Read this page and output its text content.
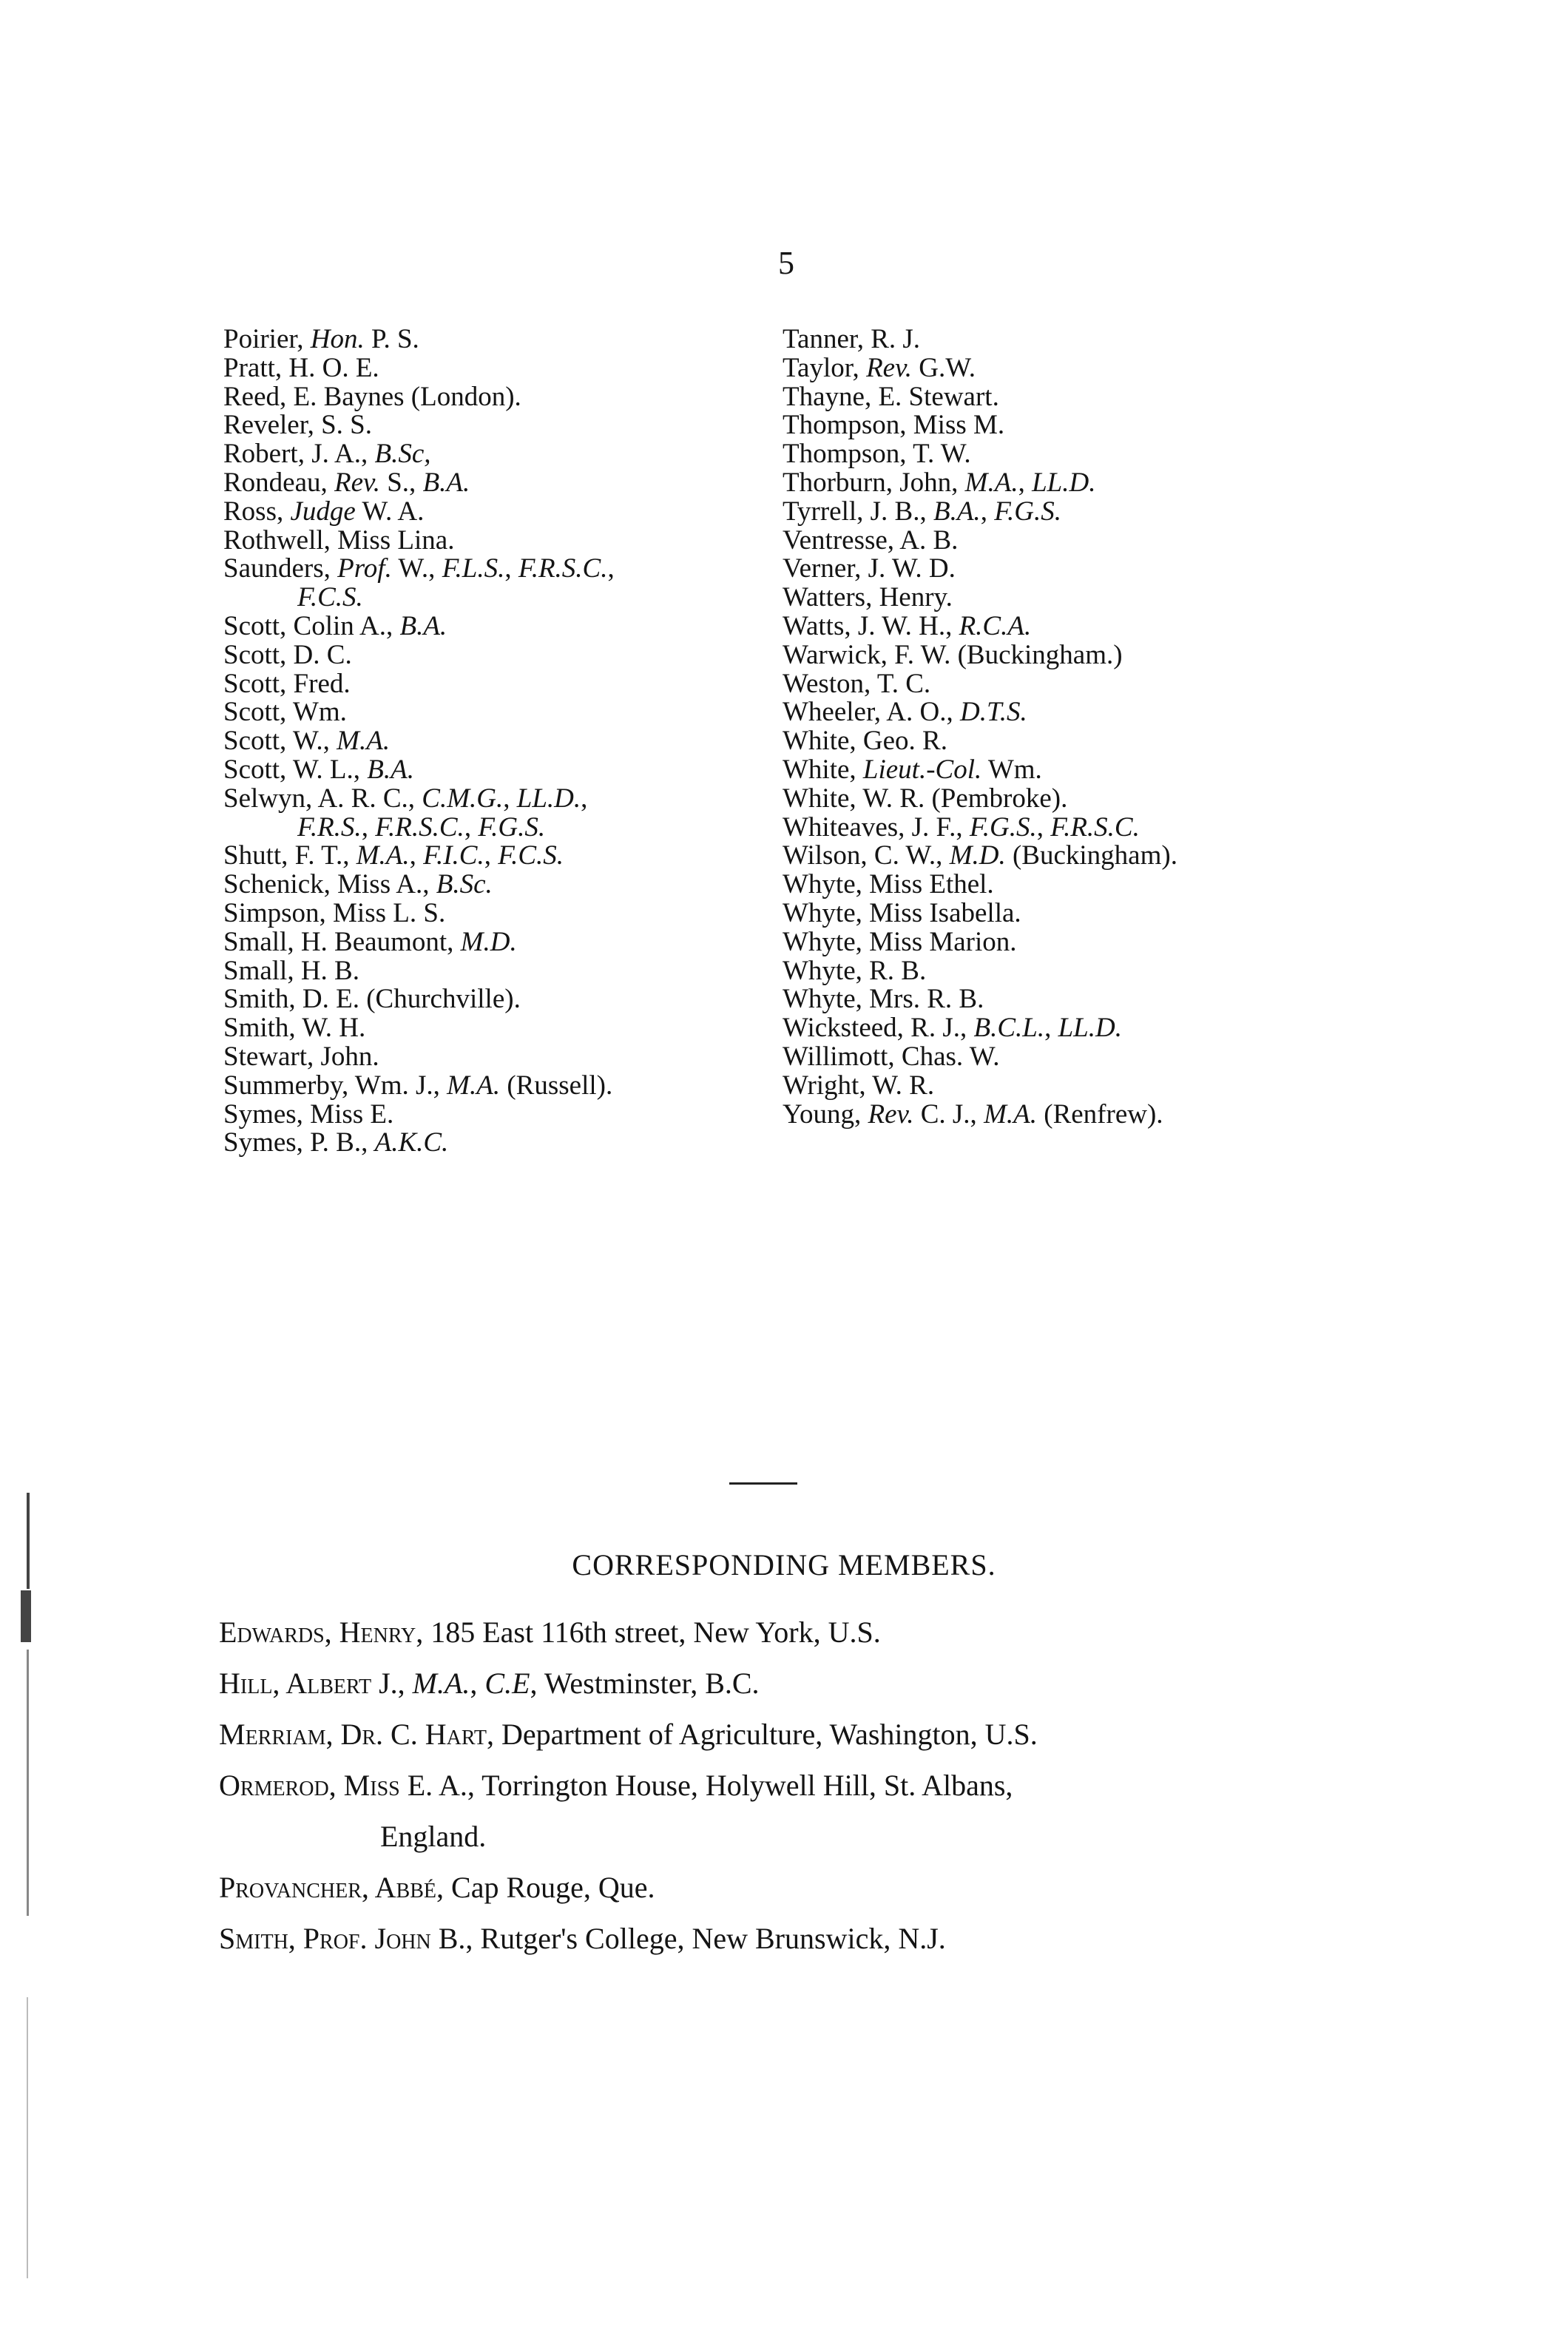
5
Poirier, Hon. P. S.
Pratt, H. O. E.
Reed, E. Baynes (London).
Reveler, S. S.
Robert, J. A., B.Sc,
Rondeau, Rev. S., B.A.
Ross, Judge W. A.
Rothwell, Miss Lina.
Saunders, Prof. W., F.L.S., F.R.S.C.,
F.C.S.
Scott, Colin A., B.A.
Scott, D. C.
Scott, Fred.
Scott, Wm.
Scott, W., M.A.
Scott, W. L., B.A.
Selwyn, A. R. C., C.M.G., LL.D.,
F.R.S., F.R.S.C., F.G.S.
Shutt, F. T., M.A., F.I.C., F.C.S.
Schenick, Miss A., B.Sc.
Simpson, Miss L. S.
Small, H. Beaumont, M.D.
Small, H. B.
Smith, D. E. (Churchville).
Smith, W. H.
Stewart, John.
Summerby, Wm. J., M.A. (Russell).
Symes, Miss E.
Symes, P. B., A.K.C.
Tanner, R. J.
Taylor, Rev. G.W.
Thayne, E. Stewart.
Thompson, Miss M.
Thompson, T. W.
Thorburn, John, M.A., LL.D.
Tyrrell, J. B., B.A., F.G.S.
Ventresse, A. B.
Verner, J. W. D.
Watters, Henry.
Watts, J. W. H., R.C.A.
Warwick, F. W. (Buckingham.)
Weston, T. C.
Wheeler, A. O., D.T.S.
White, Geo. R.
White, Lieut.-Col. Wm.
White, W. R. (Pembroke).
Whiteaves, J. F., F.G.S., F.R.S.C.
Wilson, C. W., M.D. (Buckingham).
Whyte, Miss Ethel.
Whyte, Miss Isabella.
Whyte, Miss Marion.
Whyte, R. B.
Whyte, Mrs. R. B.
Wicksteed, R. J., B.C.L., LL.D.
Willimott, Chas. W.
Wright, W. R.
Young, Rev. C. J., M.A. (Renfrew).
CORRESPONDING MEMBERS.
Edwards, Henry, 185 East 116th street, New York, U.S.
Hill, Albert J., M.A., C.E, Westminster, B.C.
Merriam, Dr. C. Hart, Department of Agriculture, Washington, U.S.
Ormerod, Miss E. A., Torrington House, Holywell Hill, St. Albans,
England.
Provancher, Abbé, Cap Rouge, Que.
Smith, Prof. John B., Rutger's College, New Brunswick, N.J.
